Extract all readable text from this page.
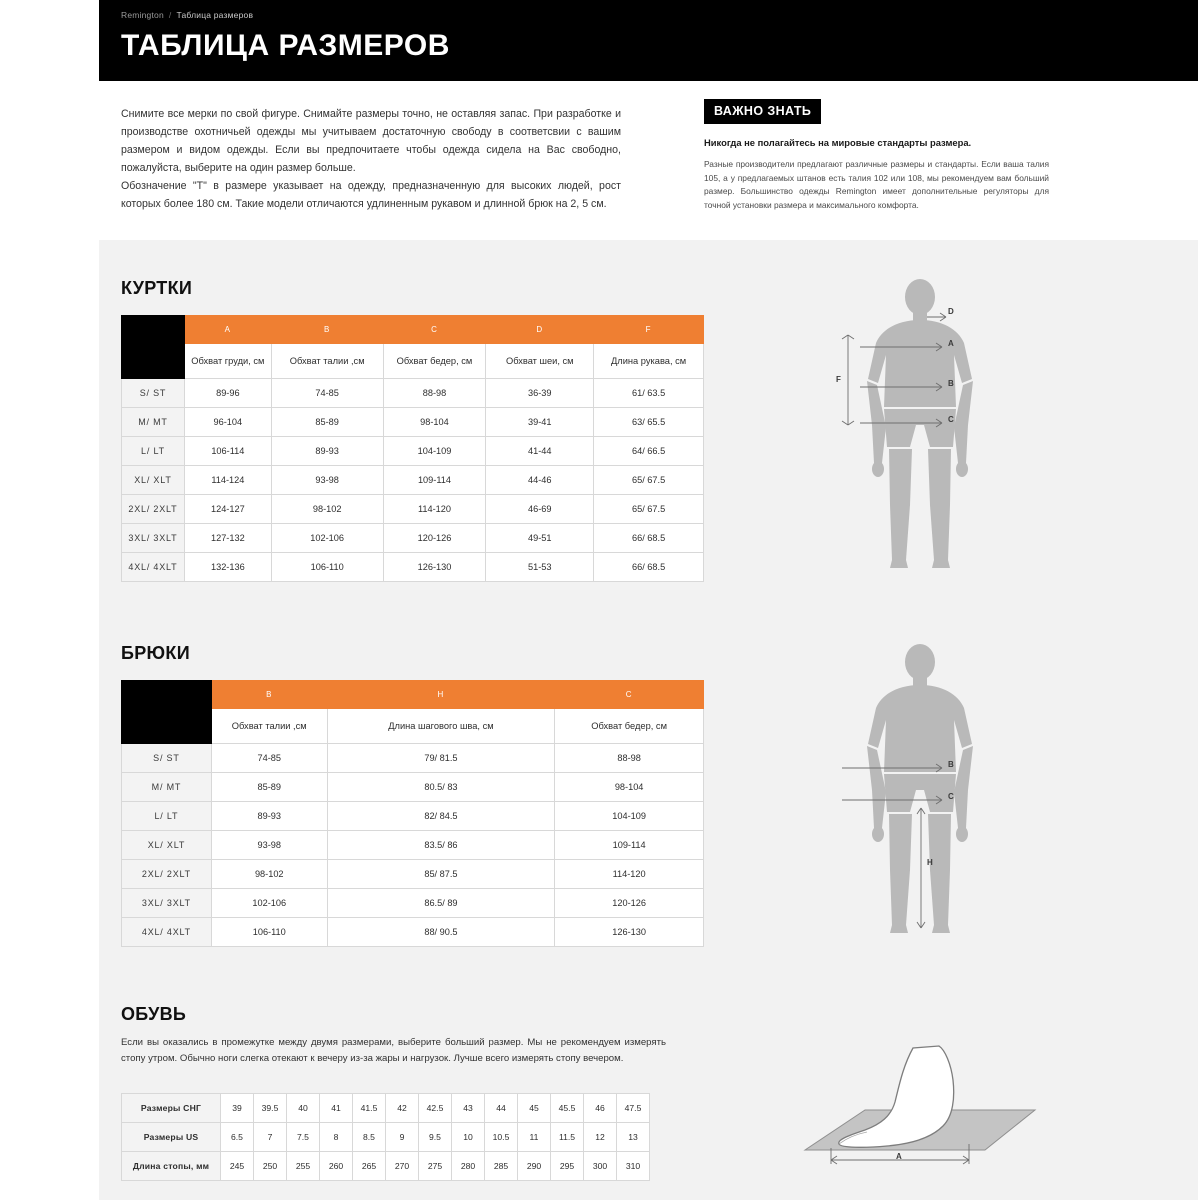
Remington / Таблица размеров
ТАБЛИЦА РАЗМЕРОВ

Снимите все мерки по свой фигуре. Снимайте размеры точно, не оставляя запас. При разработке и производстве охотничьей одежды мы учитываем достаточную свободу в соответсвии с вашим размером и видом одежды. Если вы предпочитаете чтобы одежда сидела на Вас свободно, пожалуйста, выберите на один размер больше.

Обозначение "Т" в размере указывает на одежду, предназначенную для высоких людей, рост которых более 180 см. Такие модели отличаются удлиненным рукавом и длинной брюк на 2, 5 см.

ВАЖНО ЗНАТЬ
Никогда не полагайтесь на мировые стандарты размера.
Разные производители предлагают различные размеры и стандарты. Если ваша талия 105, а у предлагаемых штанов есть талия 102 или 108, мы рекомендуем вам больший размер. Большинство одежды Remington имеет дополнительные регуляторы для точной установки размера и максимального комфорта.
КУРТКИ
БРЮКИ
ОБУВЬ
	A	B	C	D	F
	Обхват груди, см	Обхват талии ,см	Обхват бедер, см	Обхват шеи, см	Длина рукава, см
S/ ST	89-96	74-85	88-98	36-39	61/ 63.5
M/ MT	96-104	85-89	98-104	39-41	63/ 65.5
L/ LT	106-114	89-93	104-109	41-44	64/ 66.5
XL/ XLT	114-124	93-98	109-114	44-46	65/ 67.5
2XL/ 2XLT	124-127	98-102	114-120	46-69	65/ 67.5
3XL/ 3XLT	127-132	102-106	120-126	49-51	66/ 68.5
4XL/ 4XLT	132-136	106-110	126-130	51-53	66/ 68.5
	B	H	C
	Обхват талии ,см	Длина шагового шва, см	Обхват бедер, см
S/ ST	74-85	79/ 81.5	88-98
M/ MT	85-89	80.5/ 83	98-104
L/ LT	89-93	82/ 84.5	104-109
XL/ XLT	93-98	83.5/ 86	109-114
2XL/ 2XLT	98-102	85/ 87.5	114-120
3XL/ 3XLT	102-106	86.5/ 89	120-126
4XL/ 4XLT	106-110	88/ 90.5	126-130
Если вы оказались в промежутке между двумя размерами, выберите больший размер. Мы не рекомендуем измерять стопу утром. Обычно ноги слегка отекают к вечеру из-за жары и нагрузок. Лучше всего измерять стопу вечером.
Размеры СНГ	39	39.5	40	41	41.5	42	42.5	43	44	45	45.5	46	47.5
Размеры US	6.5	7	7.5	8	8.5	9	9.5	10	10.5	11	11.5	12	13
Длина стопы, мм	245	250	255	260	265	270	275	280	285	290	295	300	310
D
A
B
C
F
B
C
H
A
